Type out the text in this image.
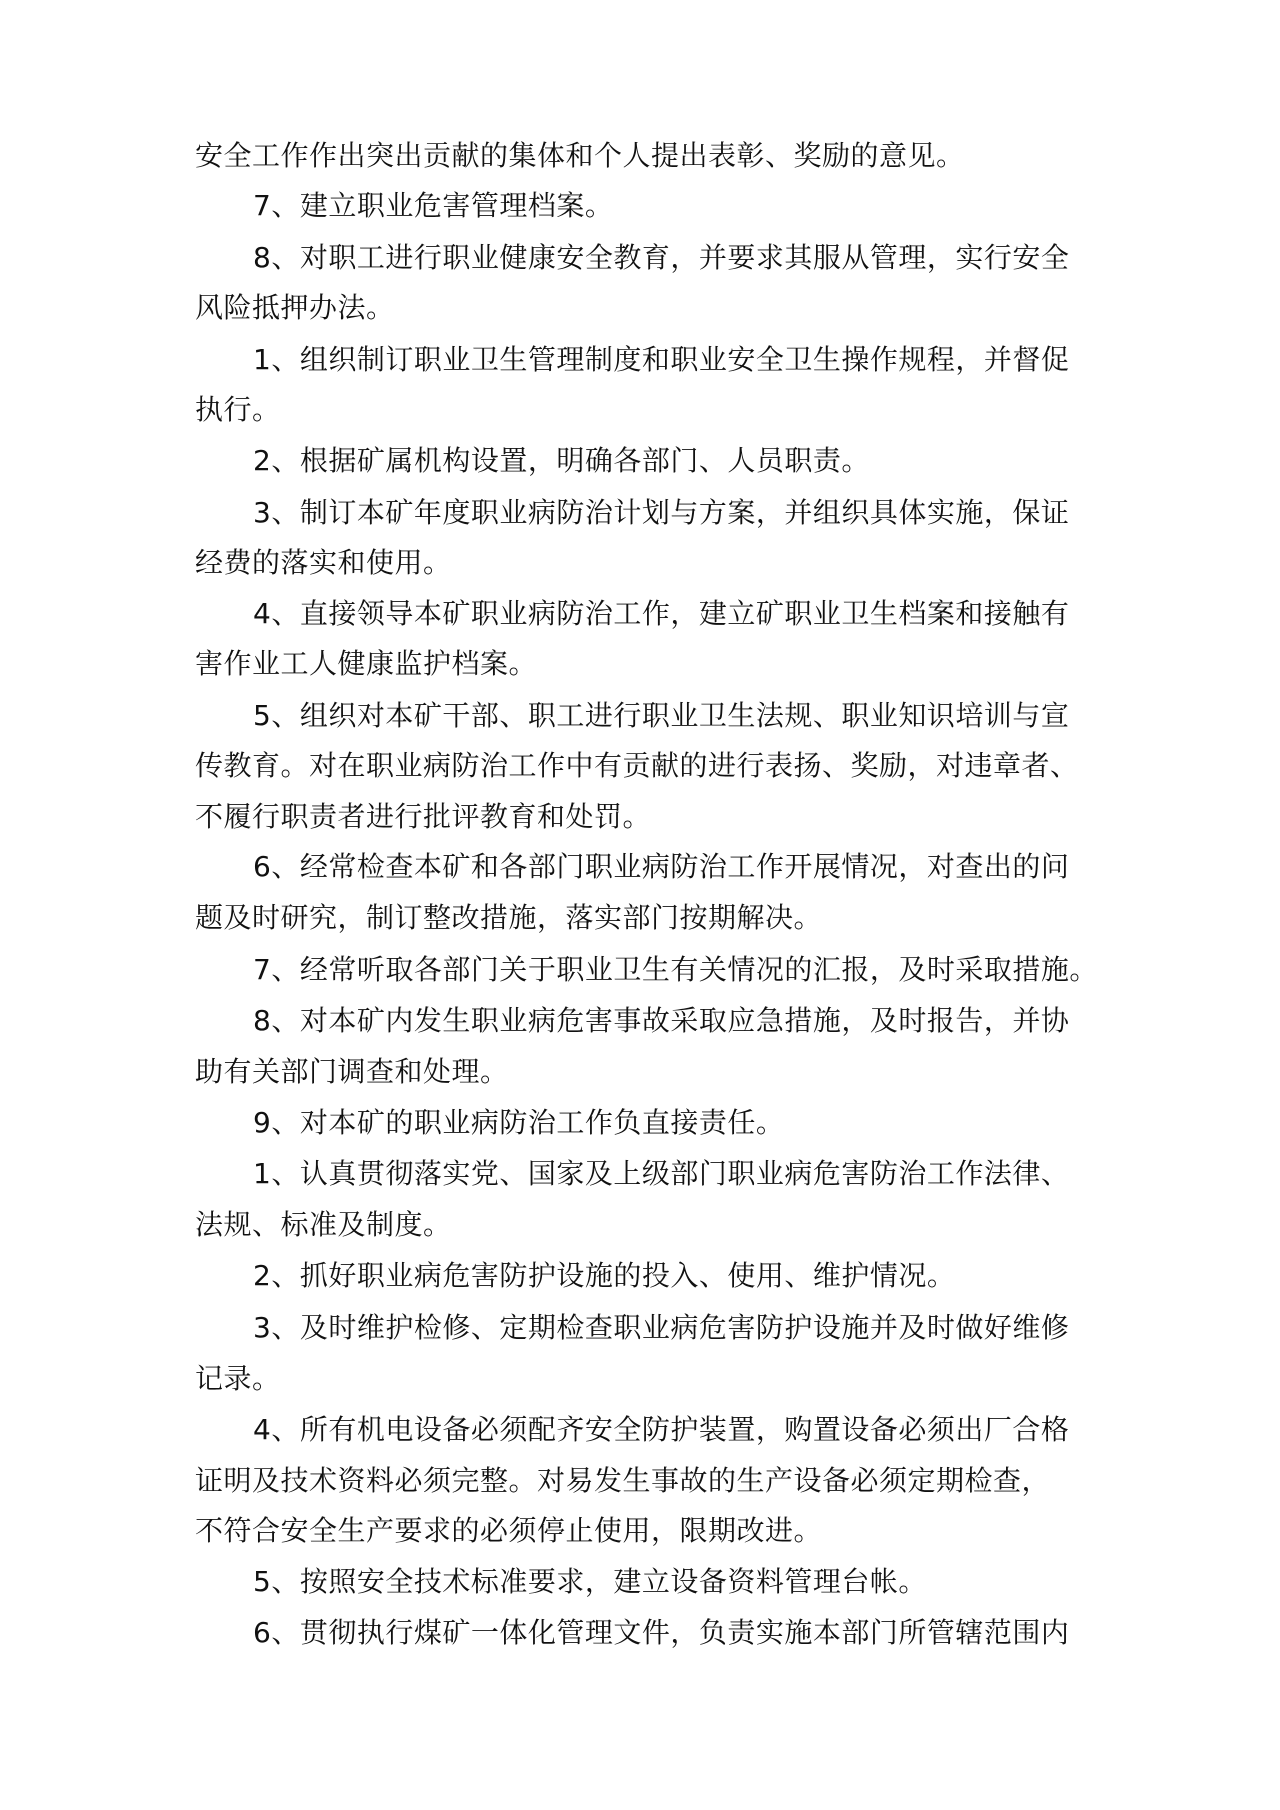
安全工作作出突出贡献的集体和个人提出表彰、奖励的意见。
7、建立职业危害管理档案。
8、对职工进行职业健康安全教育，并要求其服从管理，实行安全
风险抵押办法。
1、组织制订职业卫生管理制度和职业安全卫生操作规程，并督促
执行。
2、根据矿属机构设置，明确各部门、人员职责。
3、制订本矿年度职业病防治计划与方案，并组织具体实施，保证
经费的落实和使用。
4、直接领导本矿职业病防治工作，建立矿职业卫生档案和接触有
害作业工人健康监护档案。
5、组织对本矿干部、职工进行职业卫生法规、职业知识培训与宣
传教育。对在职业病防治工作中有贡献的进行表扬、奖励，对违章者、
不履行职责者进行批评教育和处罚。
6、经常检查本矿和各部门职业病防治工作开展情况，对查出的问
题及时研究，制订整改措施，落实部门按期解决。
7、经常听取各部门关于职业卫生有关情况的汇报，及时采取措施。
8、对本矿内发生职业病危害事故采取应急措施，及时报告，并协
助有关部门调查和处理。
9、对本矿的职业病防治工作负直接责任。
1、认真贯彻落实党、国家及上级部门职业病危害防治工作法律、
法规、标准及制度。
2、抓好职业病危害防护设施的投入、使用、维护情况。
3、及时维护检修、定期检查职业病危害防护设施并及时做好维修
记录。
4、所有机电设备必须配齐安全防护装置，购置设备必须出厂合格
证明及技术资料必须完整。对易发生事故的生产设备必须定期检查，
不符合安全生产要求的必须停止使用，限期改进。
5、按照安全技术标准要求，建立设备资料管理台帐。
6、贯彻执行煤矿一体化管理文件，负责实施本部门所管辖范围内
